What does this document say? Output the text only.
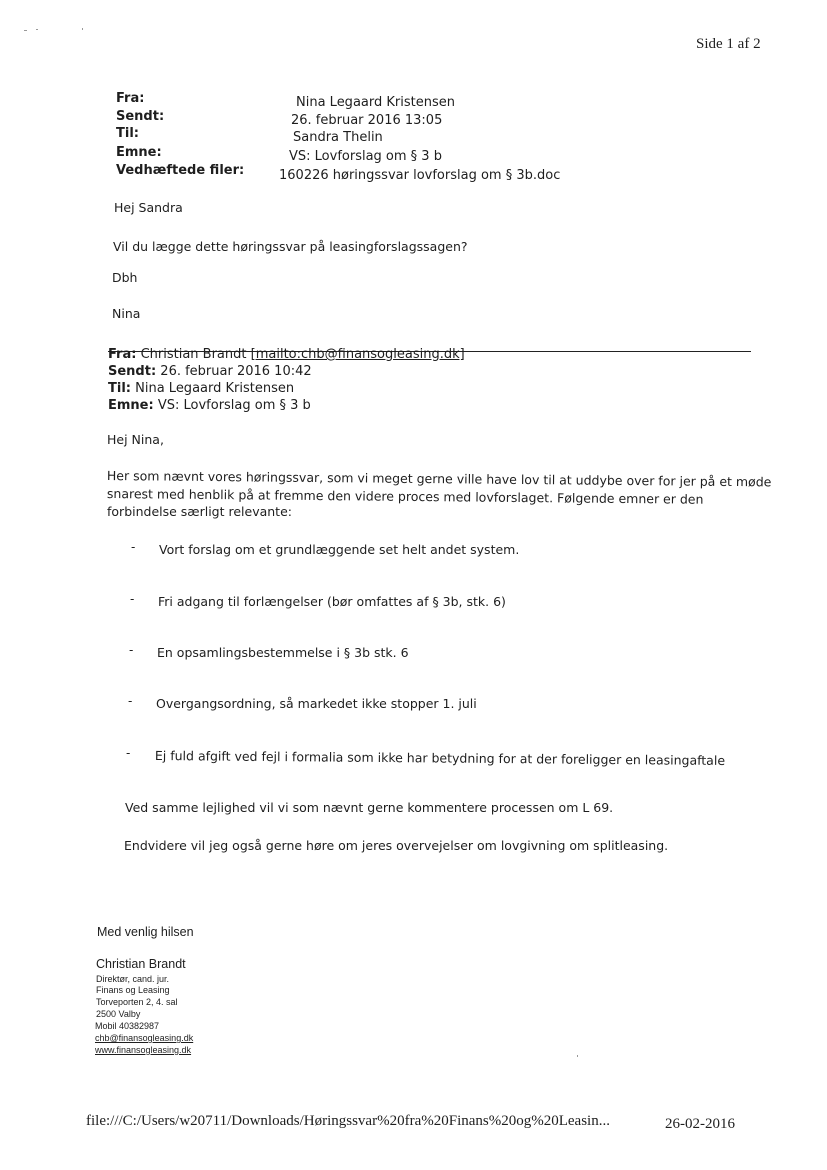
Side 1 af 2
Fra:	Nina Legaard Kristensen
Sendt:	26. februar 2016 13:05
Til:	Sandra Thelin
Emne:	VS: Lovforslag om § 3 b
Vedhæftede filer:	160226 høringssvar lovforslag om § 3b.doc
Hej Sandra
Vil du lægge dette høringssvar på leasingforslagssagen?
Dbh
Nina
Fra: Christian Brandt [mailto:chb@finansogleasing.dk]
Sendt: 26. februar 2016 10:42
Til: Nina Legaard Kristensen
Emne: VS: Lovforslag om § 3 b
Hej Nina,
Her som nævnt vores høringssvar, som vi meget gerne ville have lov til at uddybe over for jer på et møde
snarest med henblik på at fremme den videre proces med lovforslaget. Følgende emner er den
forbindelse særligt relevante:
- Vort forslag om et grundlæggende set helt andet system.
- Fri adgang til forlængelser (bør omfattes af § 3b, stk. 6)
- En opsamlingsbestemmelse i § 3b stk. 6
- Overgangsordning, så markedet ikke stopper 1. juli
- Ej fuld afgift ved fejl i formalia som ikke har betydning for at der foreligger en leasingaftale
Ved samme lejlighed vil vi som nævnt gerne kommentere processen om L 69.
Endvidere vil jeg også gerne høre om jeres overvejelser om lovgivning om splitleasing.
Med venlig hilsen
Christian Brandt
Direktør, cand. jur.
Finans og Leasing
Torveporten 2, 4. sal
2500 Valby
Mobil 40382987
chb@finansogleasing.dk
www.finansogleasing.dk
file:///C:/Users/w20711/Downloads/Høringssvar%20fra%20Finans%20og%20Leasin...	26-02-2016
